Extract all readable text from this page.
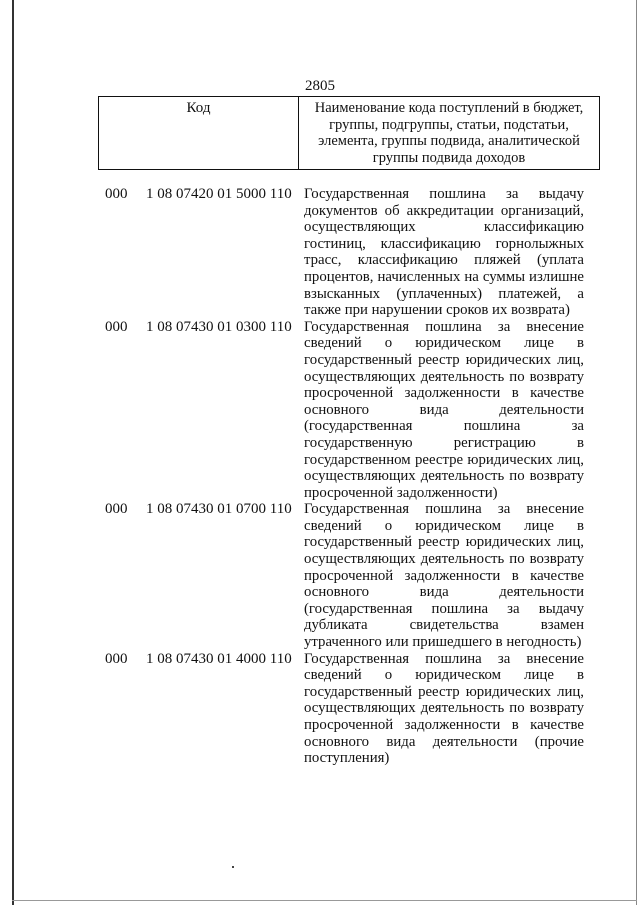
2805
Код	Наименование кода поступлений в бюджет, группы, подгруппы, статьи, подстатьи, элемента, группы подвида, аналитической группы подвида доходов
000 1 08 07420 01 5000 110 Государственная пошлина за выдачу документов об аккредитации организаций, осуществляющих классификацию гостиниц, классификацию горнолыжных трасс, классификацию пляжей (уплата процентов, начисленных на суммы излишне взысканных (уплаченных) платежей, а также при нарушении сроков их возврата)
000 1 08 07430 01 0300 110 Государственная пошлина за внесение сведений о юридическом лице в государственный реестр юридических лиц, осуществляющих деятельность по возврату просроченной задолженности в качестве основного вида деятельности (государственная пошлина за государственную регистрацию в государственном реестре юридических лиц, осуществляющих деятельность по возврату просроченной задолженности)
000 1 08 07430 01 0700 110 Государственная пошлина за внесение сведений о юридическом лице в государственный реестр юридических лиц, осуществляющих деятельность по возврату просроченной задолженности в качестве основного вида деятельности (государственная пошлина за выдачу дубликата свидетельства взамен утраченного или пришедшего в негодность)
000 1 08 07430 01 4000 110 Государственная пошлина за внесение сведений о юридическом лице в государственный реестр юридических лиц, осуществляющих деятельность по возврату просроченной задолженности в качестве основного вида деятельности (прочие поступления)
